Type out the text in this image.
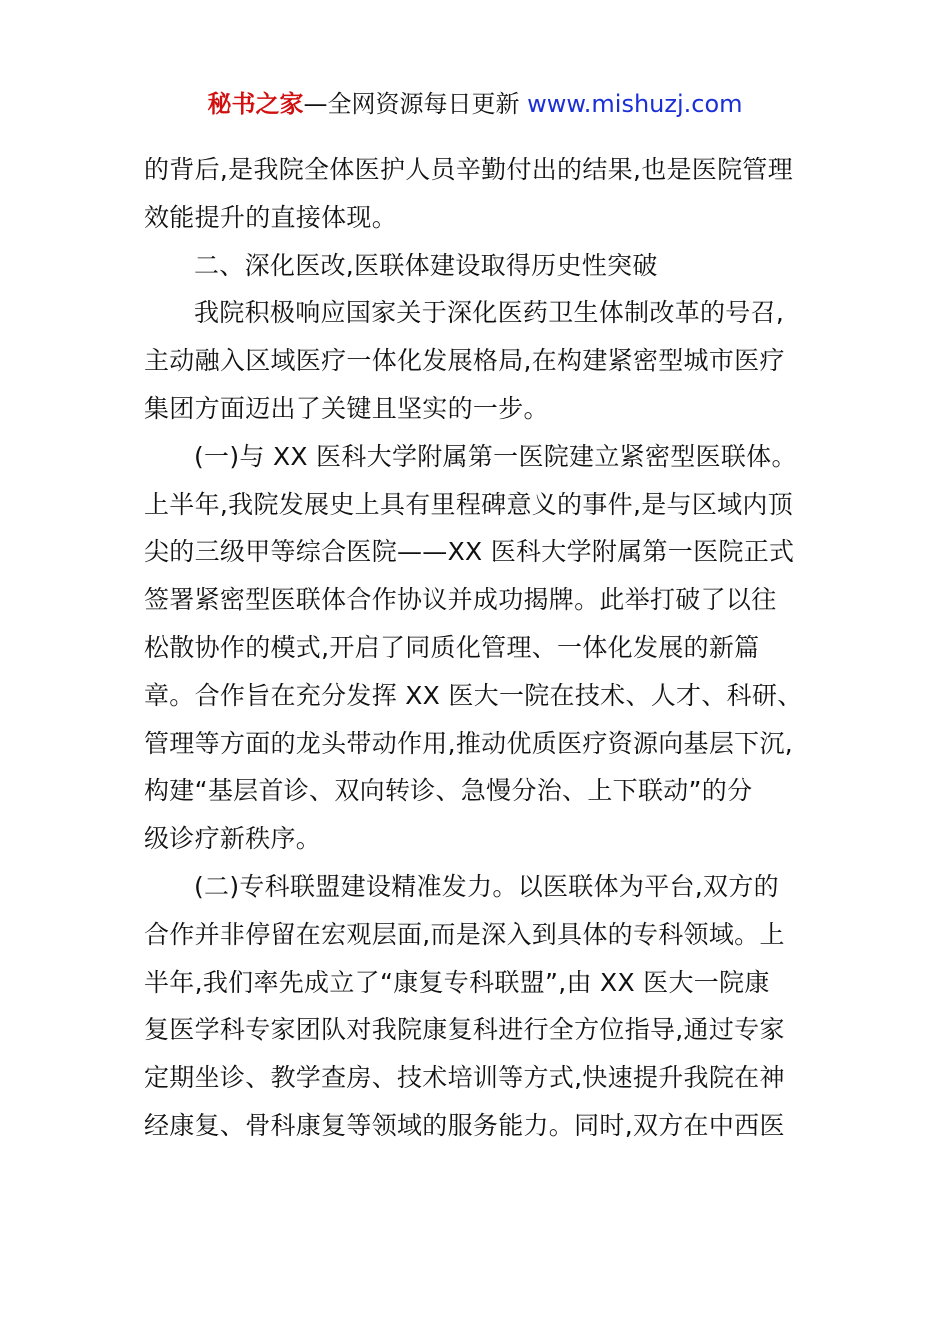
秘书之家—全网资源每日更新 www.mishuzj.com
的背后,是我院全体医护人员辛勤付出的结果,也是医院管理
效能提升的直接体现。
二、深化医改,医联体建设取得历史性突破
我院积极响应国家关于深化医药卫生体制改革的号召,
主动融入区域医疗一体化发展格局,在构建紧密型城市医疗
集团方面迈出了关键且坚实的一步。
(一)与 XX 医科大学附属第一医院建立紧密型医联体。
上半年,我院发展史上具有里程碑意义的事件,是与区域内顶
尖的三级甲等综合医院——XX 医科大学附属第一医院正式
签署紧密型医联体合作协议并成功揭牌。此举打破了以往
松散协作的模式,开启了同质化管理、一体化发展的新篇
章。合作旨在充分发挥 XX 医大一院在技术、人才、科研、
管理等方面的龙头带动作用,推动优质医疗资源向基层下沉,
构建“基层首诊、双向转诊、急慢分治、上下联动”的分
级诊疗新秩序。
(二)专科联盟建设精准发力。以医联体为平台,双方的
合作并非停留在宏观层面,而是深入到具体的专科领域。上
半年,我们率先成立了“康复专科联盟”,由 XX 医大一院康
复医学科专家团队对我院康复科进行全方位指导,通过专家
定期坐诊、教学查房、技术培训等方式,快速提升我院在神
经康复、骨科康复等领域的服务能力。同时,双方在中西医
